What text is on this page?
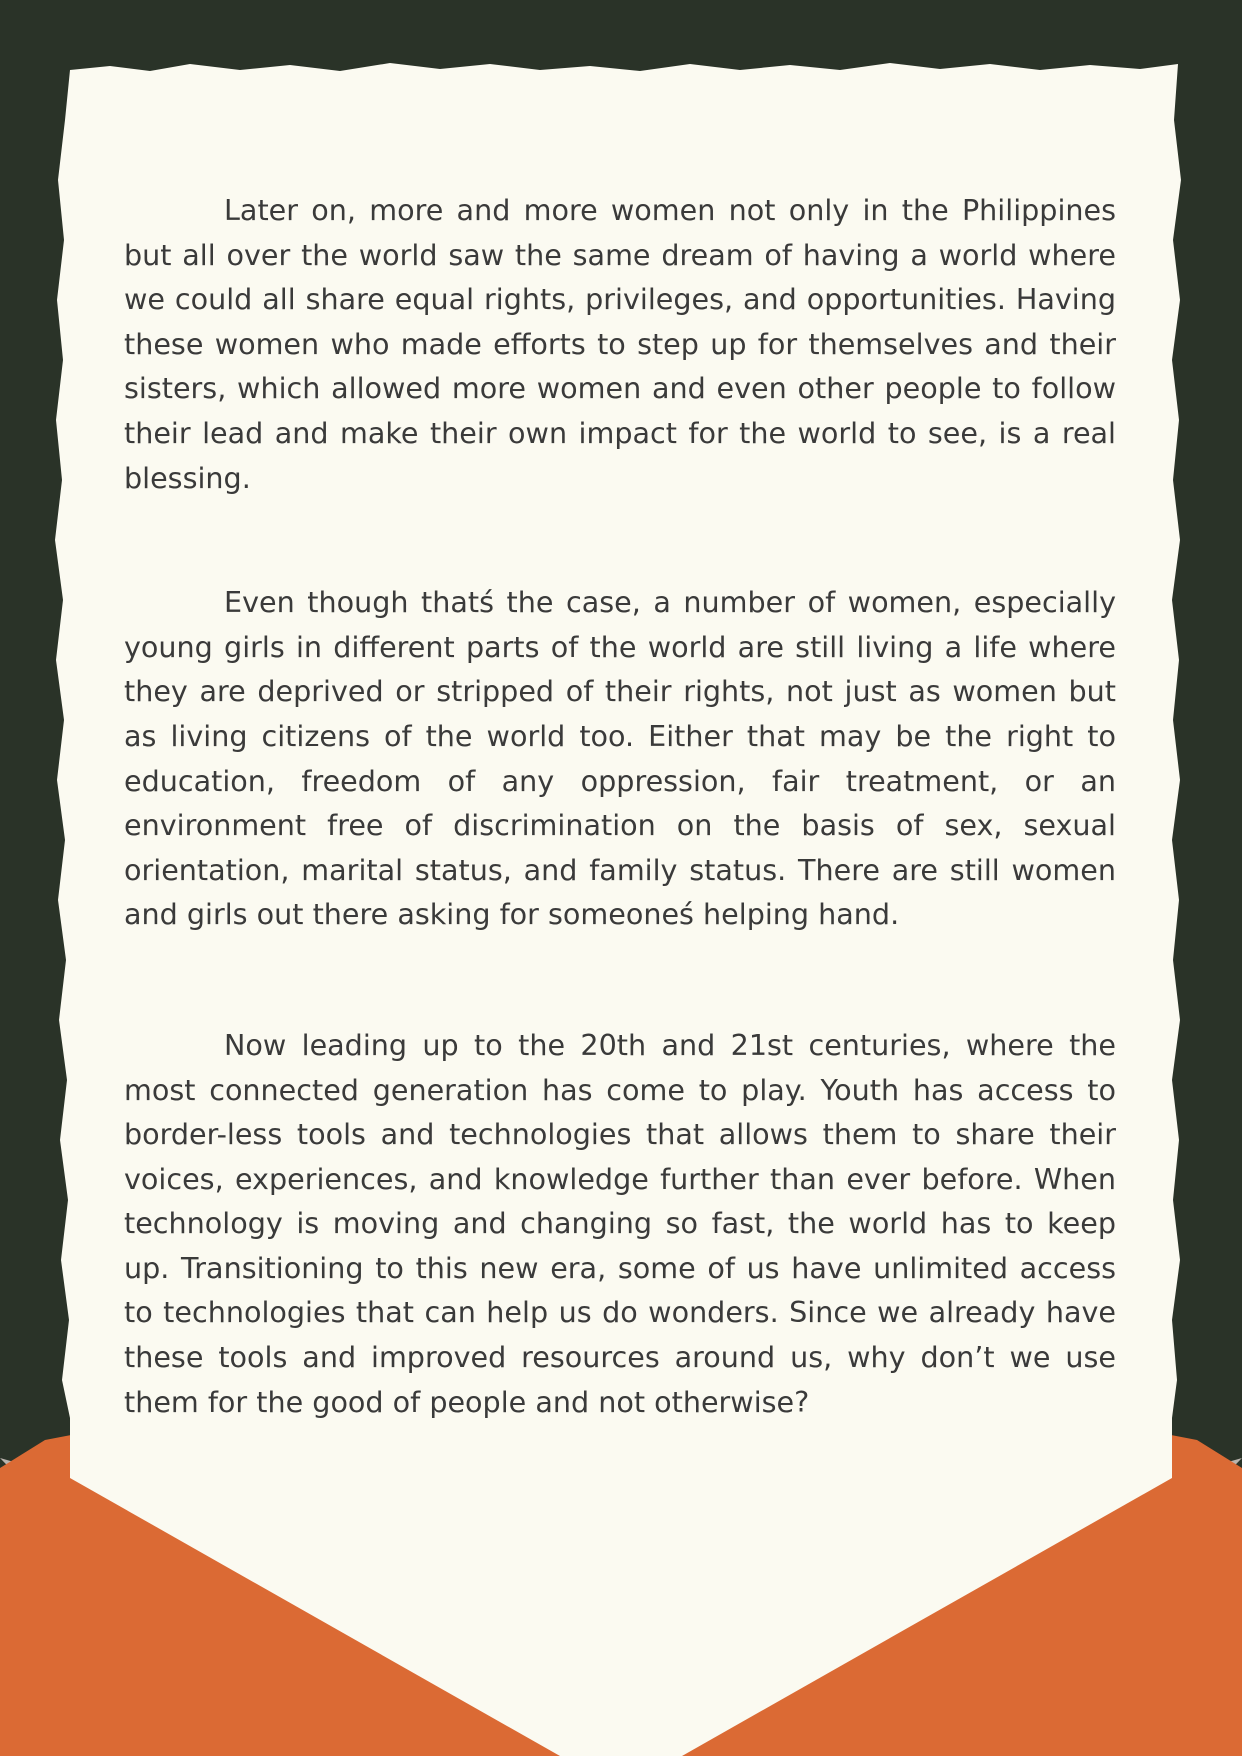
Later on, more and more women not only in the Philippines but all over the world saw the same dream of having a world where we could all share equal rights, privileges, and opportunities. Having these women who made efforts to step up for themselves and their sisters, which allowed more women and even other people to follow their lead and make their own impact for the world to see, is a real blessing.

Even though thatś the case, a number of women, especially young girls in different parts of the world are still living a life where they are deprived or stripped of their rights, not just as women but as living citizens of the world too. Either that may be the right to education, freedom of any oppression, fair treatment, or an environment free of discrimination on the basis of sex, sexual orientation, marital status, and family status. There are still women and girls out there asking for someoneś helping hand.

Now leading up to the 20th and 21st centuries, where the most connected generation has come to play. Youth has access to border-less tools and technologies that allows them to share their voices, experiences, and knowledge further than ever before. When technology is moving and changing so fast, the world has to keep up. Transitioning to this new era, some of us have unlimited access to technologies that can help us do wonders. Since we already have these tools and improved resources around us, why don’t we use them for the good of people and not otherwise?
